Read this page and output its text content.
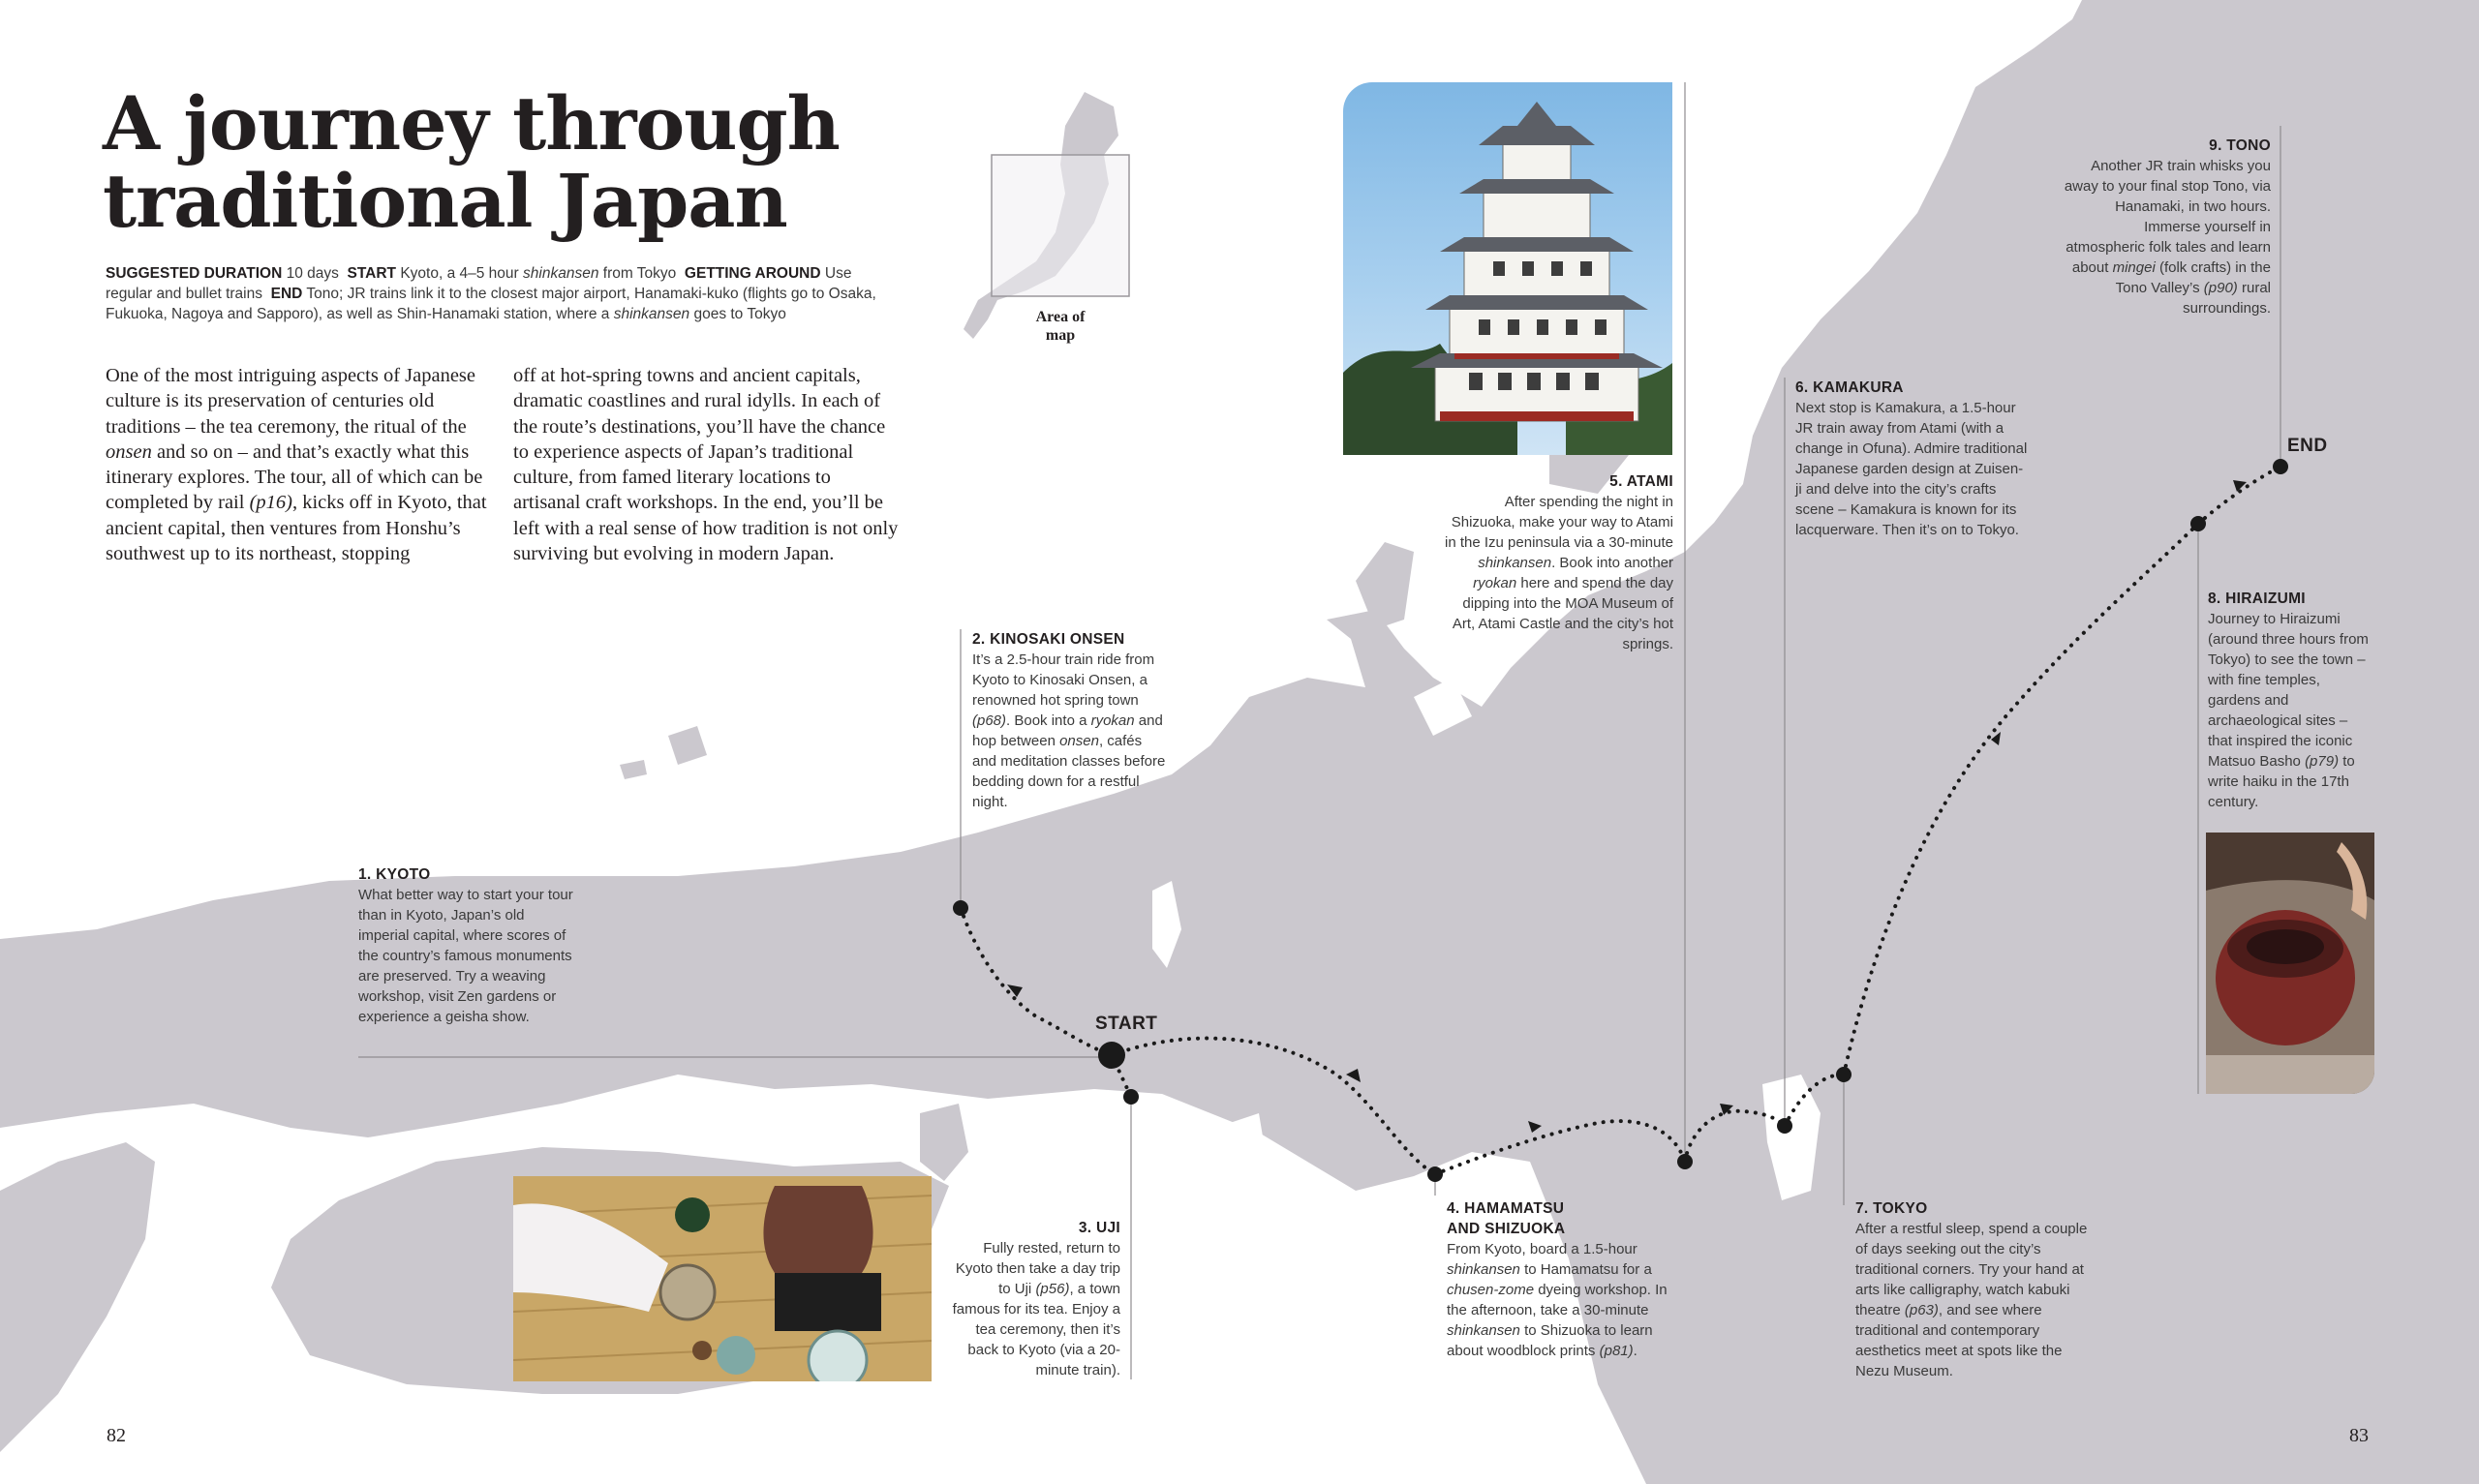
A journey through
traditional Japan
SUGGESTED DURATION 10 days START Kyoto, a 4–5 hour shinkansen from Tokyo GETTING AROUND Use regular and bullet trains END Tono; JR trains link it to the closest major airport, Hanamaki-kuko (flights go to Osaka, Fukuoka, Nagoya and Sapporo), as well as Shin-Hanamaki station, where a shinkansen goes to Tokyo
One of the most intriguing aspects of Japanese culture is its preservation of centuries old traditions – the tea ceremony, the ritual of the onsen and so on – and that’s exactly what this itinerary explores. The tour, all of which can be completed by rail (p16), kicks off in Kyoto, that ancient capital, then ventures from Honshu’s southwest up to its northeast, stopping
off at hot-spring towns and ancient capitals, dramatic coastlines and rural idylls. In each of the route’s destinations, you’ll have the chance to experience aspects of Japan’s traditional culture, from famed literary locations to artisanal craft workshops. In the end, you’ll be left with a real sense of how tradition is not only surviving but evolving in modern Japan.
Area of
map
START
END
1. KYOTO

What better way to start your tour than in Kyoto, Japan’s old imperial capital, where scores of the country’s famous monuments are preserved. Try a weaving workshop, visit Zen gardens or experience a geisha show.

2. KINOSAKI ONSEN

It’s a 2.5-hour train ride from Kyoto to Kinosaki Onsen, a renowned hot spring town (p68). Book into a ryokan and hop between onsen, cafés and meditation classes before bedding down for a restful night.

3. UJI

Fully rested, return to Kyoto then take a day trip to Uji (p56), a town famous for its tea. Enjoy a tea ceremony, then it’s back to Kyoto (via a 20-minute train).

4. HAMAMATSU
AND SHIZUOKA

From Kyoto, board a 1.5-hour shinkansen to Hamamatsu for a chusen-zome dyeing workshop. In the afternoon, take a 30-minute shinkansen to Shizuoka to learn about woodblock prints (p81).

5. ATAMI

After spending the night in Shizuoka, make your way to Atami in the Izu peninsula via a 30-minute shinkansen. Book into another ryokan here and spend the day dipping into the MOA Museum of Art, Atami Castle and the city’s hot springs.

6. KAMAKURA

Next stop is Kamakura, a 1.5-hour JR train away from Atami (with a change in Ofuna). Admire traditional Japanese garden design at Zuisen-ji and delve into the city’s crafts scene – Kamakura is known for its lacquerware. Then it’s on to Tokyo.

7. TOKYO

After a restful sleep, spend a couple of days seeking out the city’s traditional corners. Try your hand at arts like calligraphy, watch kabuki theatre (p63), and see where traditional and contemporary aesthetics meet at spots like the Nezu Museum.

8. HIRAIZUMI

Journey to Hiraizumi (around three hours from Tokyo) to see the town – with fine temples, gardens and archaeological sites – that inspired the iconic Matsuo Basho (p79) to write haiku in the 17th century.

9. TONO

Another JR train whisks you away to your final stop Tono, via Hanamaki, in two hours. Immerse yourself in atmospheric folk tales and learn about mingei (folk crafts) in the Tono Valley’s (p90) rural surroundings.

82	83
